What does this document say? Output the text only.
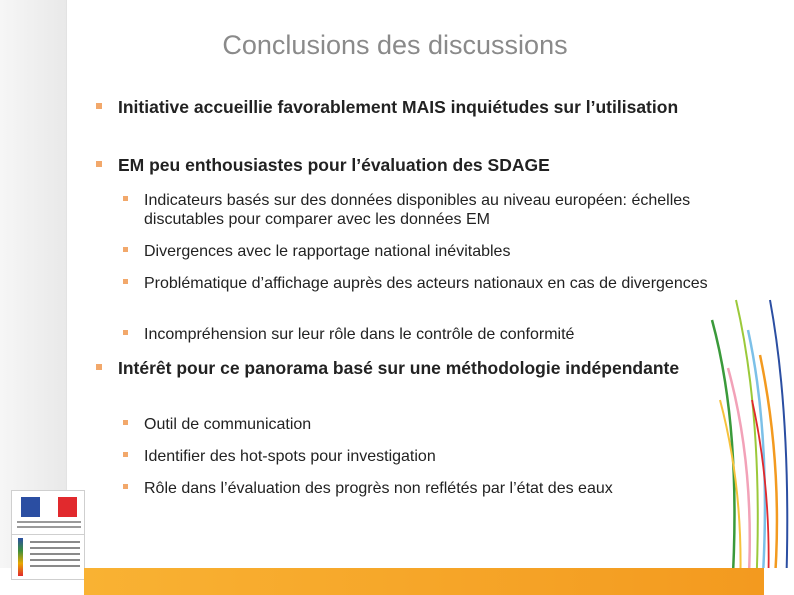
Conclusions des discussions
Initiative accueillie favorablement MAIS inquiétudes sur l’utilisation
EM peu enthousiastes pour l’évaluation des SDAGE
Indicateurs basés sur des données disponibles au niveau européen: échelles discutables pour comparer avec les données EM
Divergences avec le rapportage national inévitables
Problématique d’affichage auprès des acteurs nationaux en cas de divergences
Incompréhension sur leur rôle dans le contrôle de conformité
Intérêt pour ce panorama basé sur une méthodologie indépendante
Outil de communication
Identifier des hot-spots pour investigation
Rôle dans l’évaluation des progrès non reflétés par l’état des eaux
